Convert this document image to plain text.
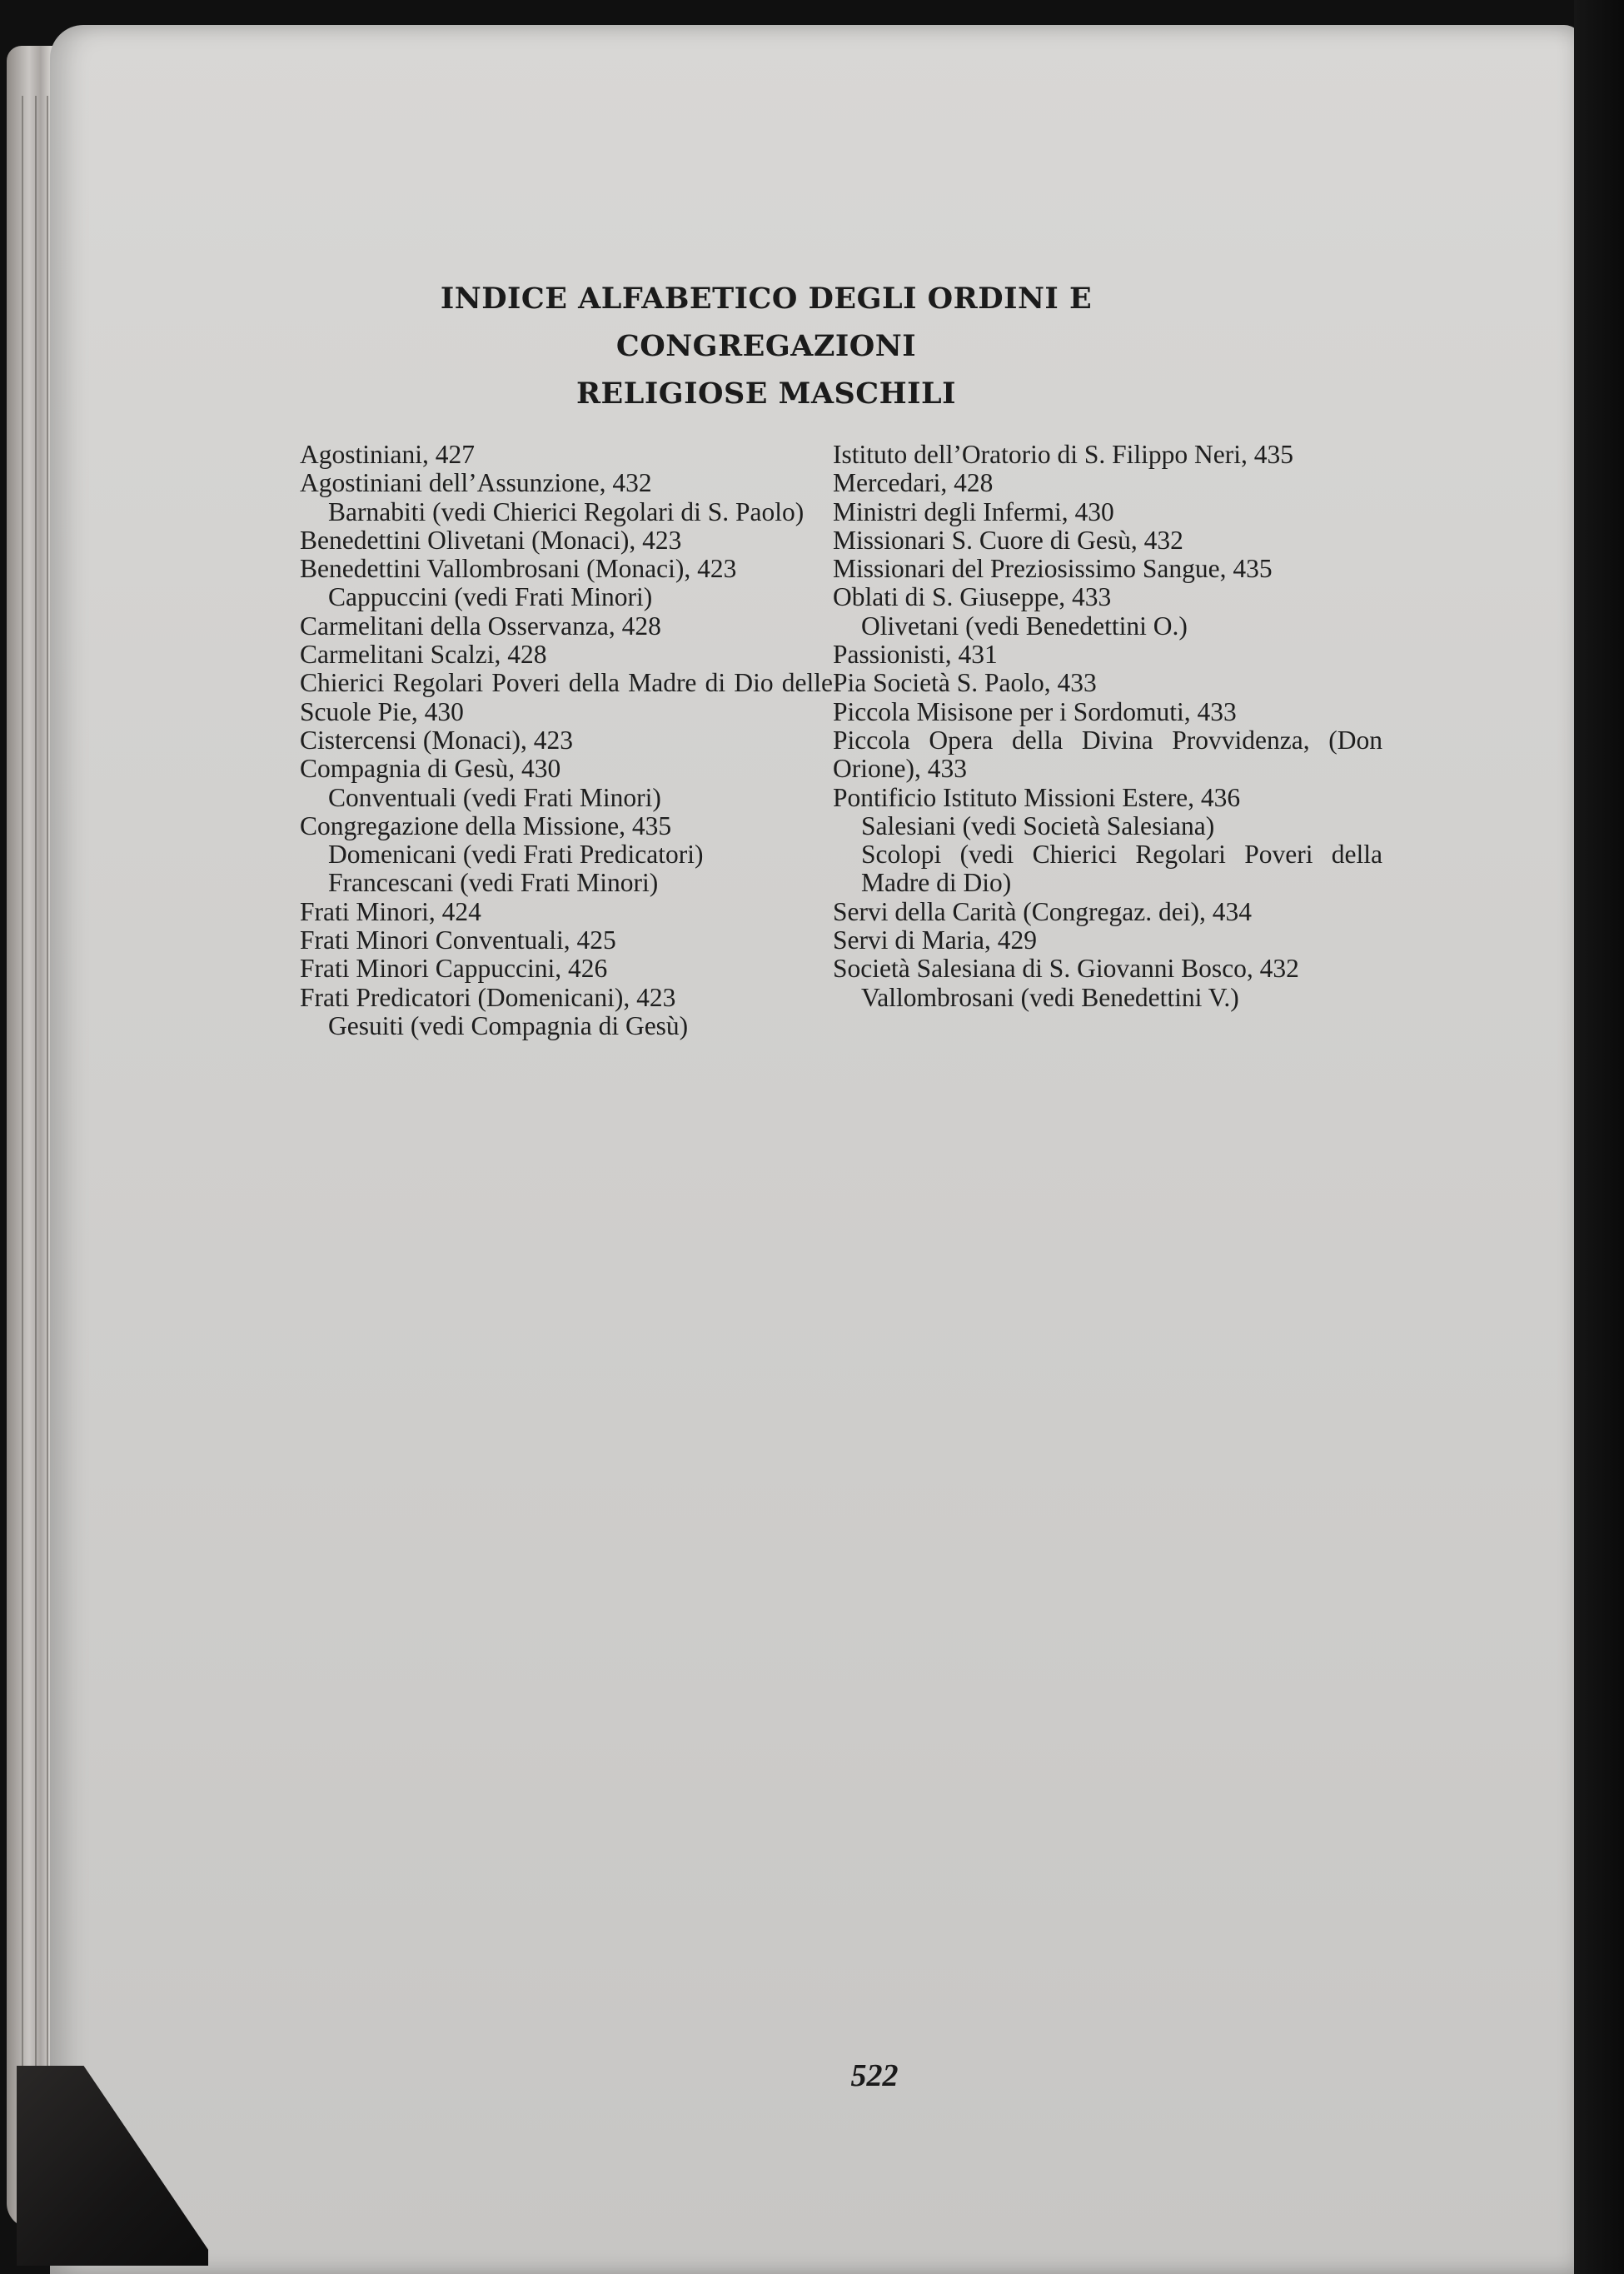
INDICE ALFABETICO DEGLI ORDINI E CONGREGAZIONI
RELIGIOSE MASCHILI
Agostiniani, 427
Agostiniani dell’Assunzione, 432
Barnabiti (vedi Chierici Regolari di S. Paolo)
Benedettini Olivetani (Monaci), 423
Benedettini Vallombrosani (Monaci), 423
Cappuccini (vedi Frati Minori)
Carmelitani della Osservanza, 428
Carmelitani Scalzi, 428
Chierici Regolari Poveri della Madre di Dio delle Scuole Pie, 430
Cistercensi (Monaci), 423
Compagnia di Gesù, 430
Conventuali (vedi Frati Minori)
Congregazione della Missione, 435
Domenicani (vedi Frati Predicatori)
Francescani (vedi Frati Minori)
Frati Minori, 424
Frati Minori Conventuali, 425
Frati Minori Cappuccini, 426
Frati Predicatori (Domenicani), 423
Gesuiti (vedi Compagnia di Gesù)
Istituto dell’Oratorio di S. Filippo Neri, 435
Mercedari, 428
Ministri degli Infermi, 430
Missionari S. Cuore di Gesù, 432
Missionari del Preziosissimo Sangue, 435
Oblati di S. Giuseppe, 433
Olivetani (vedi Benedettini O.)
Passionisti, 431
Pia Società S. Paolo, 433
Piccola Misisone per i Sordomuti, 433
Piccola Opera della Divina Provvidenza, (Don Orione), 433
Pontificio Istituto Missioni Estere, 436
Salesiani (vedi Società Salesiana)
Scolopi (vedi Chierici Regolari Poveri della Madre di Dio)
Servi della Carità (Congregaz. dei), 434
Servi di Maria, 429
Società Salesiana di S. Giovanni Bosco, 432
Vallombrosani (vedi Benedettini V.)
522
